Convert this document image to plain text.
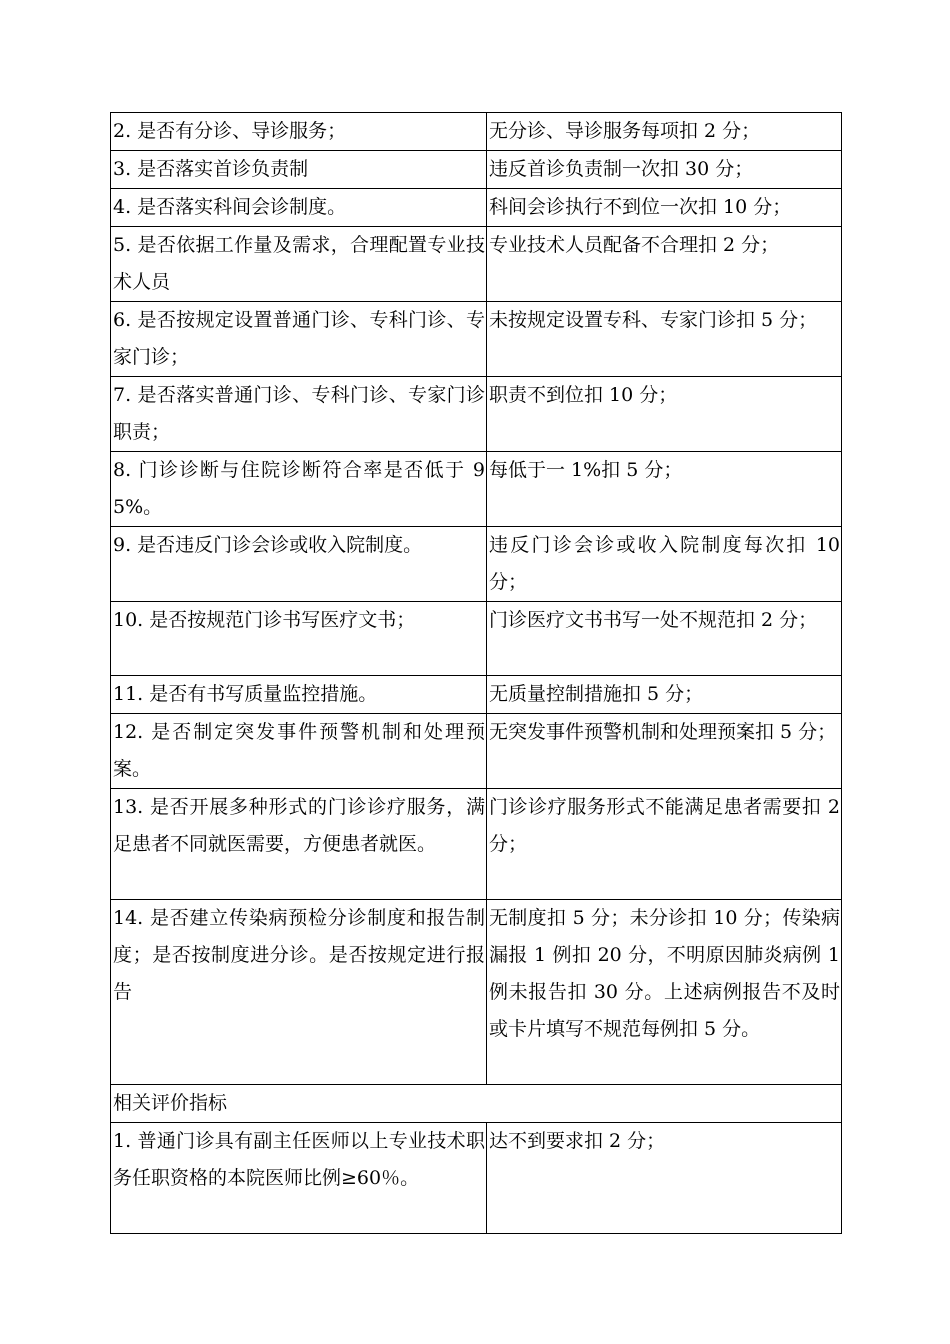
2. 是否有分诊、导诊服务；	无分诊、导诊服务每项扣 2 分；
3. 是否落实首诊负责制	违反首诊负责制一次扣 30 分；
4. 是否落实科间会诊制度。	科间会诊执行不到位一次扣 10 分；
5. 是否依据工作量及需求，合理配置专业技术人员	专业技术人员配备不合理扣 2 分；
6. 是否按规定设置普通门诊、专科门诊、专家门诊；	未按规定设置专科、专家门诊扣 5 分；
7. 是否落实普通门诊、专科门诊、专家门诊职责；	职责不到位扣 10 分；
8. 门诊诊断与住院诊断符合率是否低于 95%。	每低于一 1%扣 5 分；
9. 是否违反门诊会诊或收入院制度。	违反门诊会诊或收入院制度每次扣 10 分；
10. 是否按规范门诊书写医疗文书；	门诊医疗文书书写一处不规范扣 2 分；
11. 是否有书写质量监控措施。	无质量控制措施扣 5 分；
12. 是否制定突发事件预警机制和处理预案。	无突发事件预警机制和处理预案扣 5 分；
13. 是否开展多种形式的门诊诊疗服务，满足患者不同就医需要，方便患者就医。	门诊诊疗服务形式不能满足患者需要扣 2 分；
14. 是否建立传染病预检分诊制度和报告制度；是否按制度进分诊。是否按规定进行报告	无制度扣 5 分；未分诊扣 10 分；传染病漏报 1 例扣 20 分，不明原因肺炎病例 1 例未报告扣 30 分。上述病例报告不及时或卡片填写不规范每例扣 5 分。
相关评价指标	
1. 普通门诊具有副主任医师以上专业技术职务任职资格的本院医师比例≥60％。	达不到要求扣 2 分；
